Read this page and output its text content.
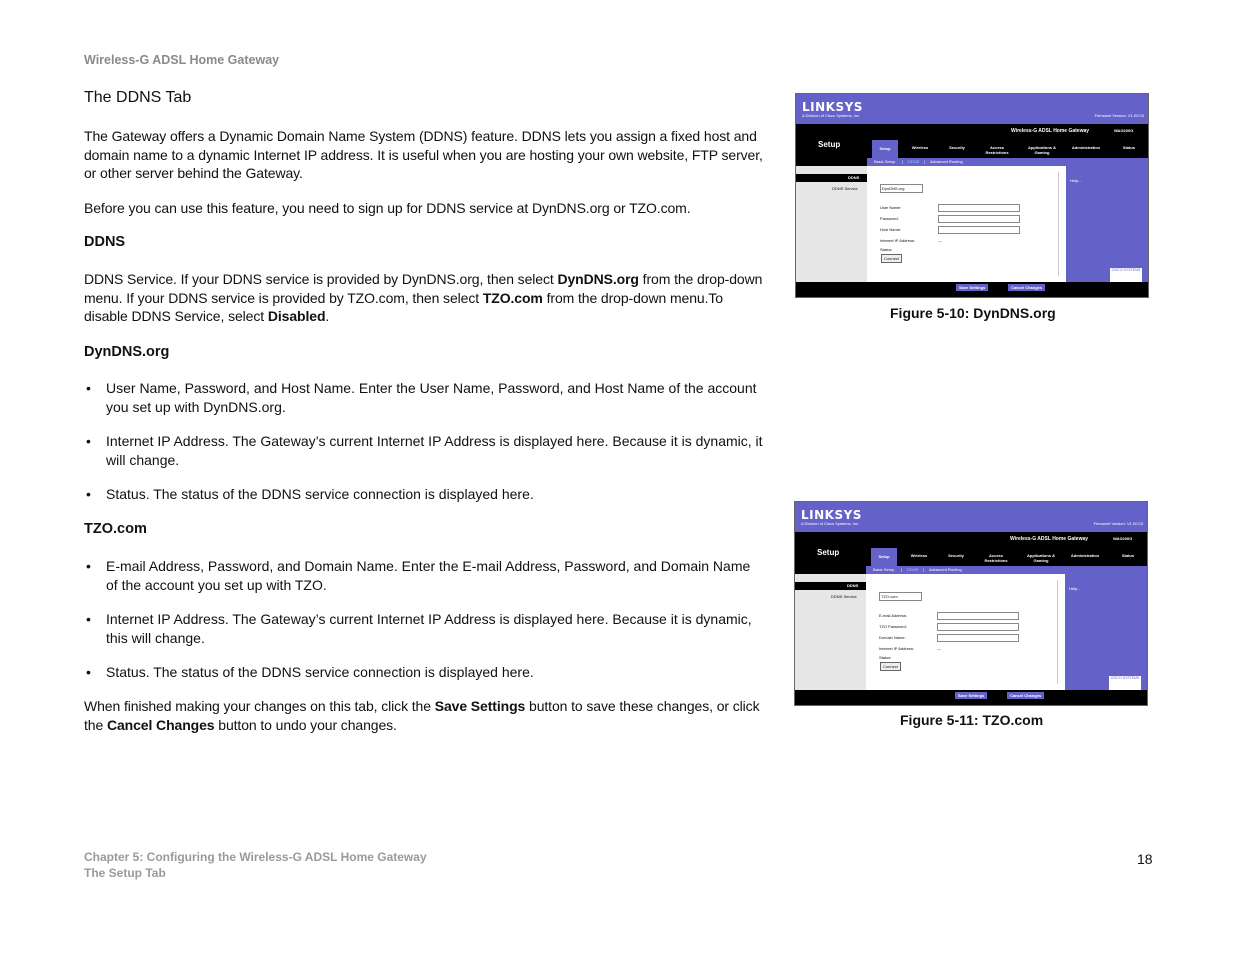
Wireless-G ADSL Home Gateway
The DDNS Tab
The Gateway offers a Dynamic Domain Name System (DDNS) feature. DDNS lets you assign a fixed host and domain name to a dynamic Internet IP address. It is useful when you are hosting your own website, FTP server, or other server behind the Gateway.
Before you can use this feature, you need to sign up for DDNS service at DynDNS.org or TZO.com.
DDNS
DDNS Service. If your DDNS service is provided by DynDNS.org, then select DynDNS.org from the drop-down menu. If your DDNS service is provided by TZO.com, then select TZO.com from the drop-down menu.To disable DDNS Service, select Disabled.
DynDNS.org
• User Name, Password, and Host Name. Enter the User Name, Password, and Host Name of the account you set up with DynDNS.org.
• Internet IP Address. The Gateway’s current Internet IP Address is displayed here. Because it is dynamic, it will change.
• Status. The status of the DDNS service connection is displayed here.
TZO.com
• E-mail Address, Password, and Domain Name. Enter the E-mail Address, Password, and Domain Name of the account you set up with TZO.
• Internet IP Address. The Gateway’s current Internet IP Address is displayed here. Because it is dynamic, this will change.
• Status. The status of the DDNS service connection is displayed here.
When finished making your changes on this tab, click the Save Settings button to save these changes, or click the Cancel Changes button to undo your changes.
LINKSYS
A Division of Cisco Systems, Inc.	Firmware Version: V1.00.03
Setup
Wireless-G ADSL Home Gateway	WAG200G
Setup	Wireless	Security	Access Restrictions
Applications & Gaming
Administration	Status
Basic Setup | DDNS | Advanced Routing
DDNS
DDNS Service	DynDNS.org
User Name:
Password:
Host Name:
Internet IP Address:	---
Status:
Connect
Help...
CISCO SYSTEMS
Save Settings	Cancel Changes
Figure 5-10: DynDNS.org
LINKSYS
A Division of Cisco Systems, Inc.	Firmware Version: V1.00.03
Setup
Wireless-G ADSL Home Gateway	WAG200G
Setup	Wireless	Security	Access Restrictions
Applications & Gaming
Administration	Status
Basic Setup | DDNS | Advanced Routing
DDNS
DDNS Service	TZO.com
E-mail Address:
TZO Password:
Domain Name:
Internet IP Address:	---
Status:
Connect
Help...
CISCO SYSTEMS
Save Settings	Cancel Changes
Figure 5-11: TZO.com
Chapter 5: Configuring the Wireless-G ADSL Home Gateway
The Setup Tab
18
